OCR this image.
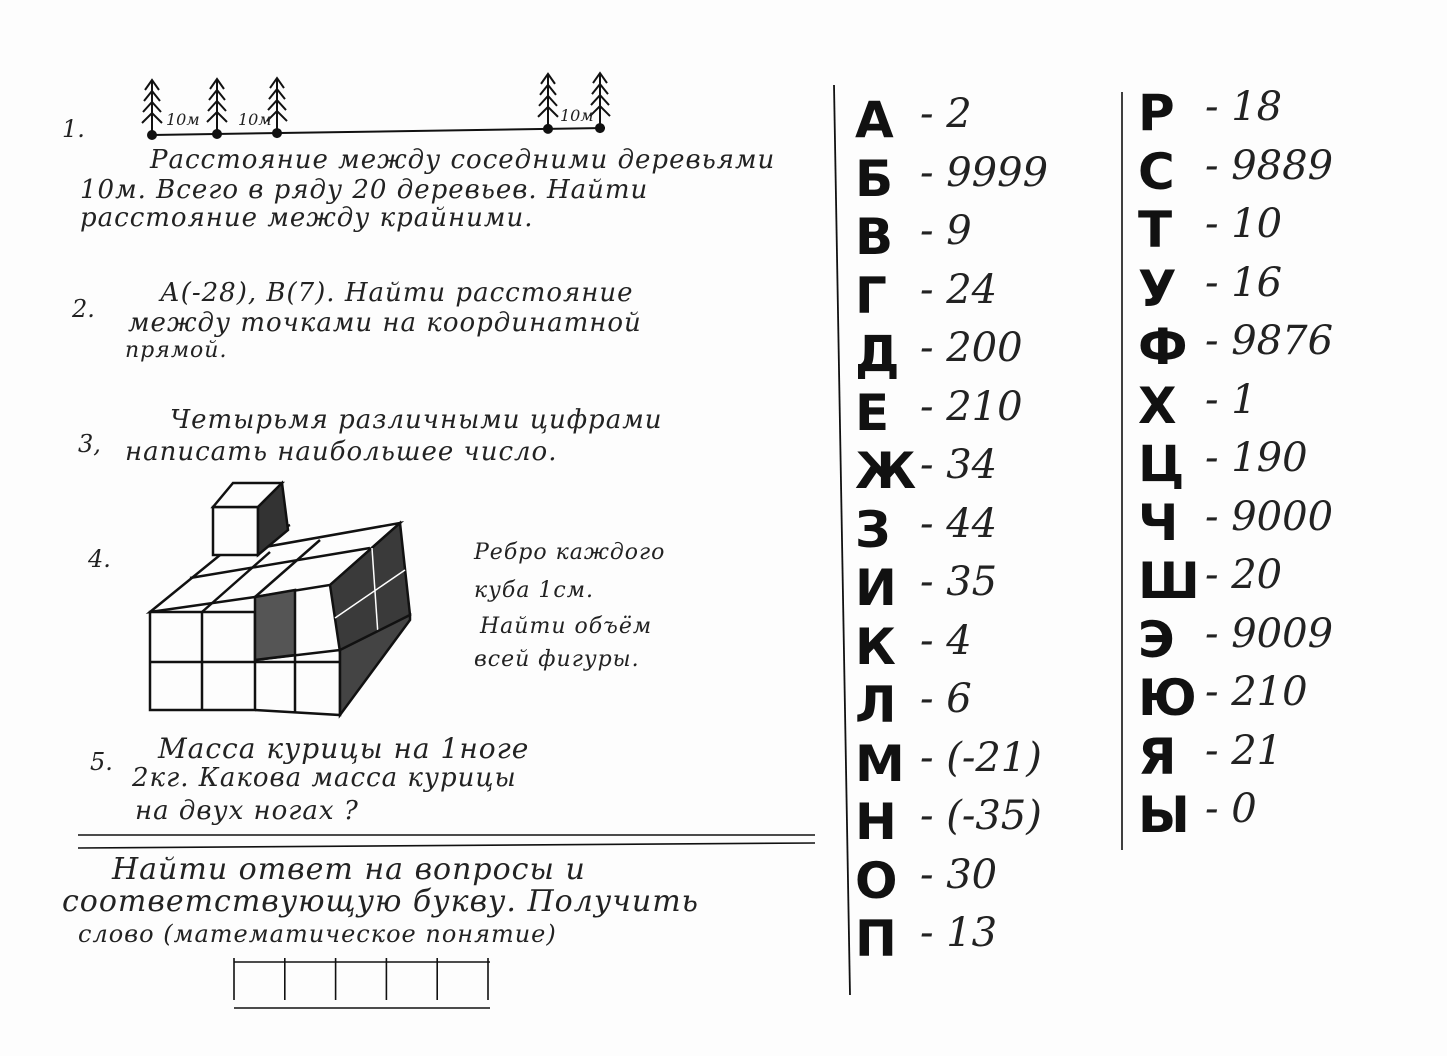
1.	10м 10м	10м
Расстояние между соседними деревьями
10м. Всего в ряду 20 деревьев. Найти
расстояние между крайними.
2.
А(-28), В(7). Найти расстояние
между точками на координатной
прямой.
3,
Четырьмя различными цифрами
написать наибольшее число.
4.	Ребро каждого
куба 1см.
Найти объём
всей фигуры.
5. Масса курицы на 1ноге
2кг. Какова масса курицы
на двух ногах ?
Найти ответ на вопросы и
соответствующую букву. Получить
слово (математическое понятие)
А - 2
Б - 9999
В - 9
Г - 24
Д - 200
Е - 210
Ж - 34
З - 44
И - 35
К - 4
Л - 6
М - (-21)
Н - (-35)
О - 30
П - 13
Р - 18
С - 9889
Т - 10
У - 16
Ф - 9876
Х - 1
Ц - 190
Ч - 9000
Ш - 20
Э - 9009
Ю - 210
Я - 21
Ы - 0
